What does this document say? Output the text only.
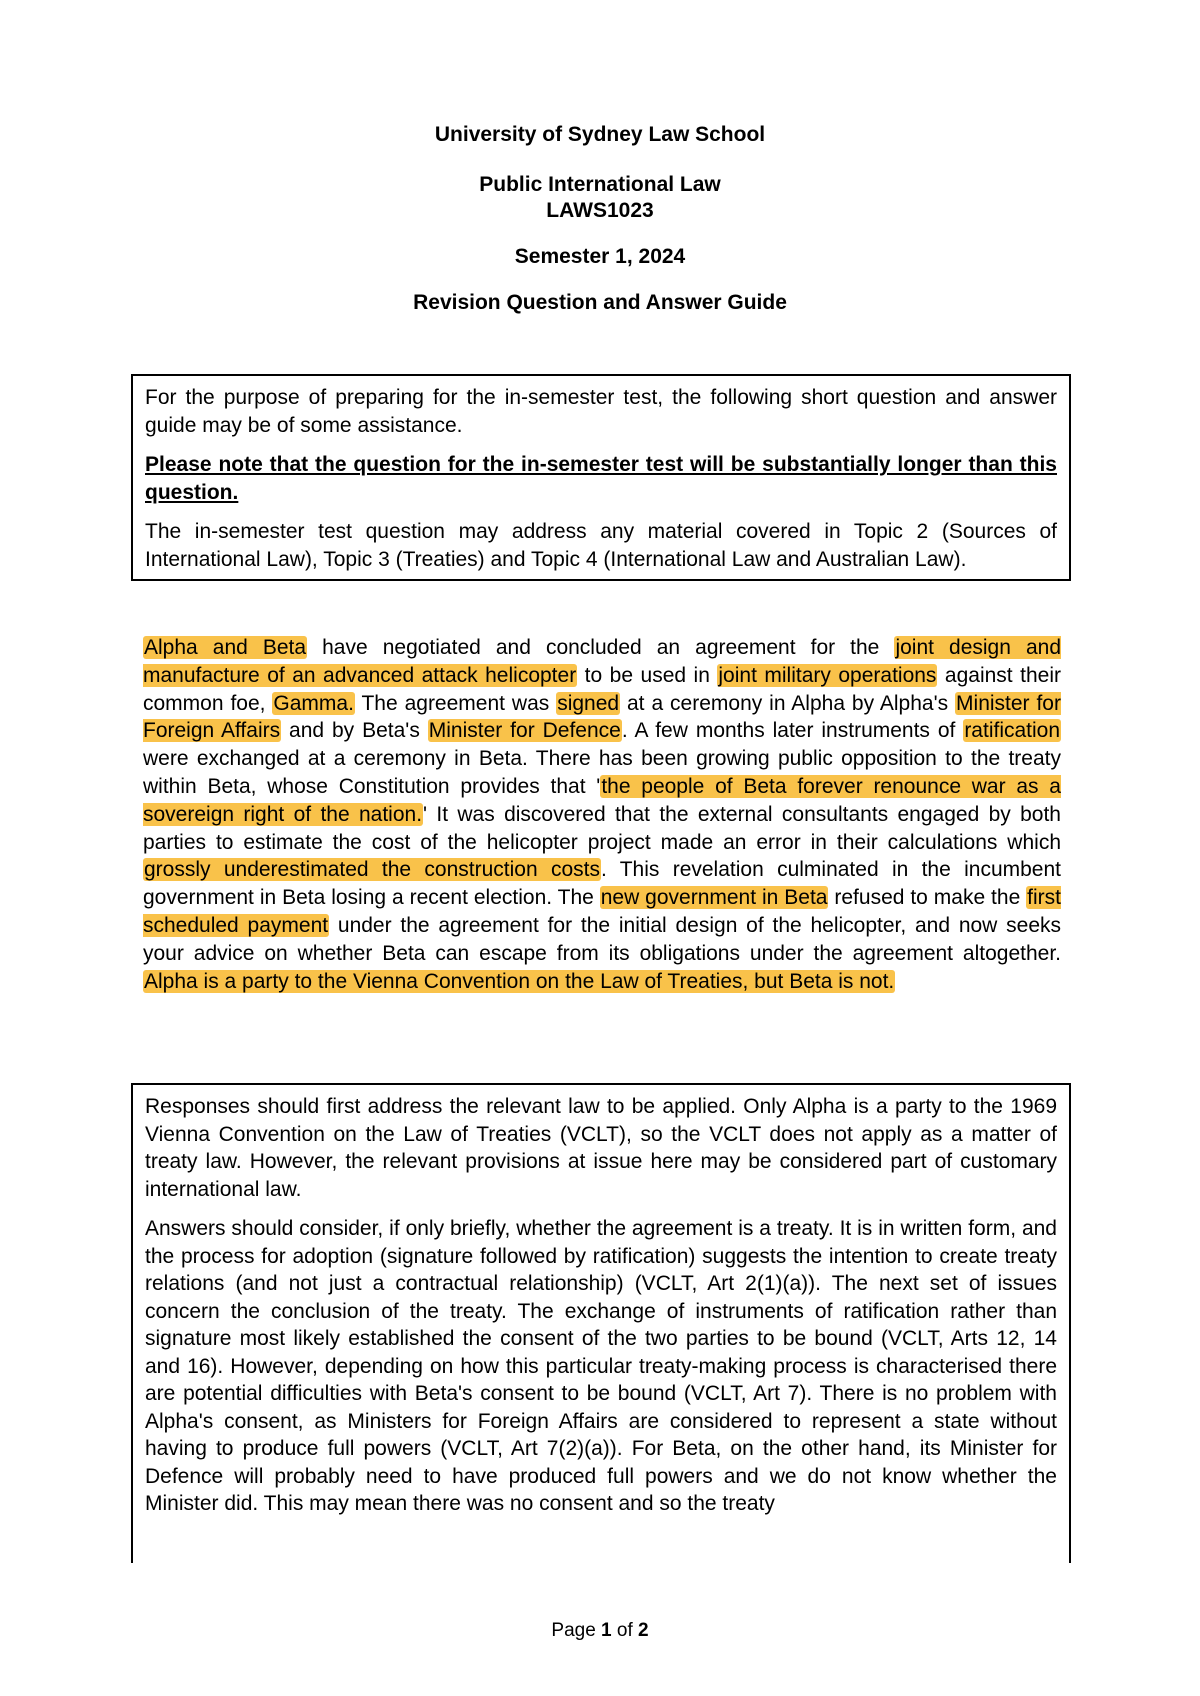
University of Sydney Law School
Public International Law
LAWS1023
Semester 1, 2024
Revision Question and Answer Guide

For the purpose of preparing for the in-semester test, the following short question and answer guide may be of some assistance.

Please note that the question for the in-semester test will be substantially longer than this question.

The in-semester test question may address any material covered in Topic 2 (Sources of International Law), Topic 3 (Treaties) and Topic 4 (International Law and Australian Law).

Alpha and Beta have negotiated and concluded an agreement for the joint design and manufacture of an advanced attack helicopter to be used in joint military operations against their common foe, Gamma. The agreement was signed at a ceremony in Alpha by Alpha's Minister for Foreign Affairs and by Beta's Minister for Defence. A few months later instruments of ratification were exchanged at a ceremony in Beta. There has been growing public opposition to the treaty within Beta, whose Constitution provides that 'the people of Beta forever renounce war as a sovereign right of the nation.' It was discovered that the external consultants engaged by both parties to estimate the cost of the helicopter project made an error in their calculations which grossly underestimated the construction costs. This revelation culminated in the incumbent government in Beta losing a recent election. The new government in Beta refused to make the first scheduled payment under the agreement for the initial design of the helicopter, and now seeks your advice on whether Beta can escape from its obligations under the agreement altogether. Alpha is a party to the Vienna Convention on the Law of Treaties, but Beta is not.

Responses should first address the relevant law to be applied. Only Alpha is a party to the 1969 Vienna Convention on the Law of Treaties (VCLT), so the VCLT does not apply as a matter of treaty law. However, the relevant provisions at issue here may be considered part of customary international law.

Answers should consider, if only briefly, whether the agreement is a treaty. It is in written form, and the process for adoption (signature followed by ratification) suggests the intention to create treaty relations (and not just a contractual relationship) (VCLT, Art 2(1)(a)). The next set of issues concern the conclusion of the treaty. The exchange of instruments of ratification rather than signature most likely established the consent of the two parties to be bound (VCLT, Arts 12, 14 and 16). However, depending on how this particular treaty-making process is characterised there are potential difficulties with Beta's consent to be bound (VCLT, Art 7). There is no problem with Alpha's consent, as Ministers for Foreign Affairs are considered to represent a state without having to produce full powers (VCLT, Art 7(2)(a)). For Beta, on the other hand, its Minister for Defence will probably need to have produced full powers and we do not know whether the Minister did. This may mean there was no consent and so the treaty

Page 1 of 2
